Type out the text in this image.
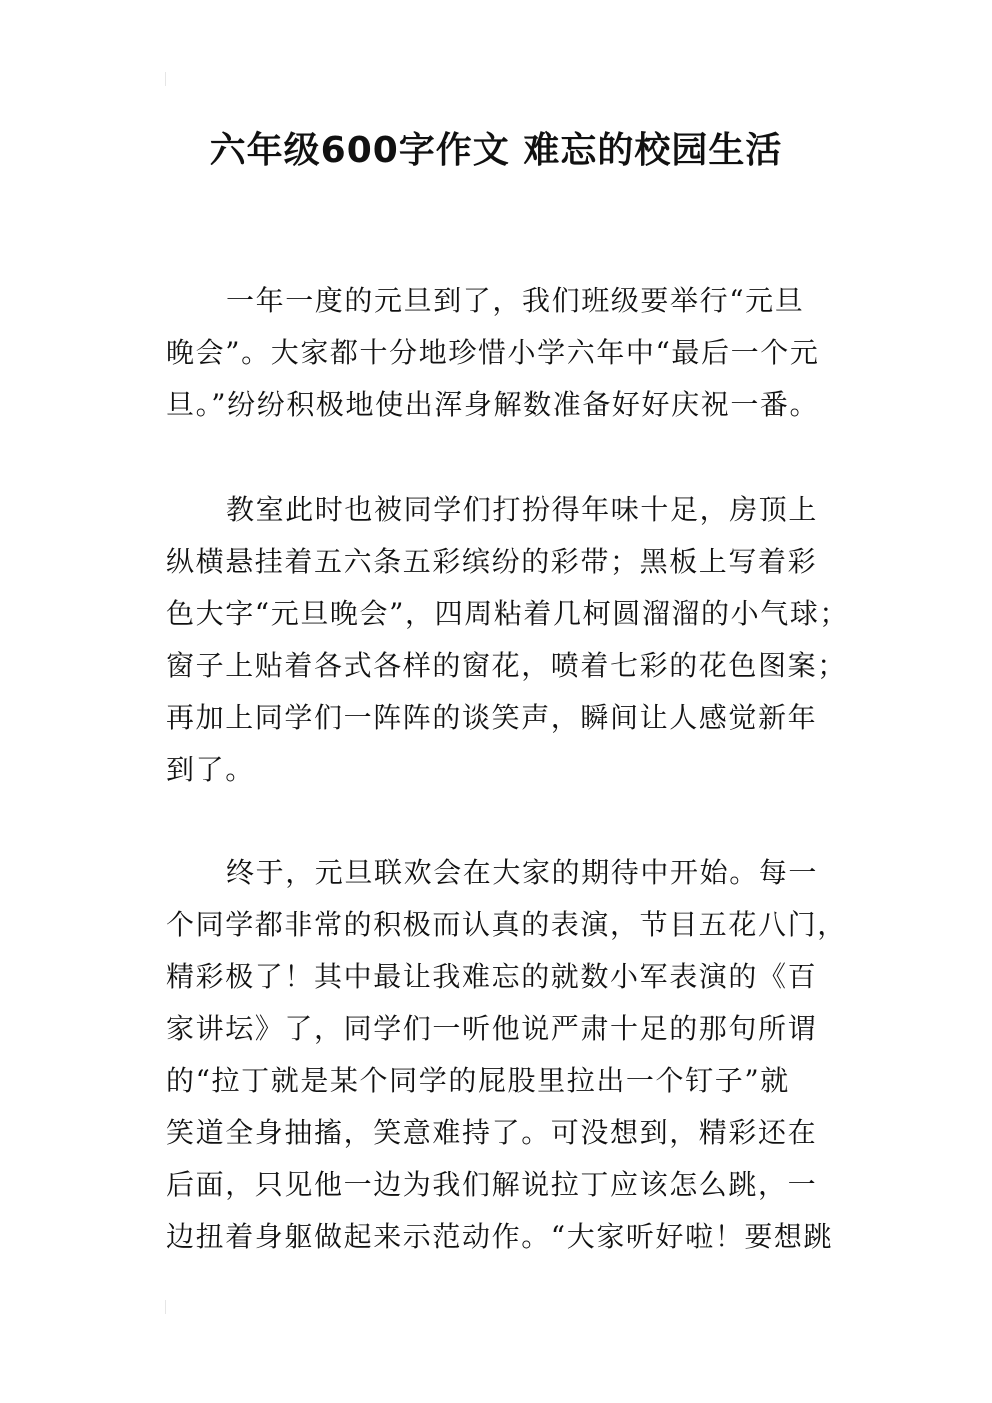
六年级600字作文 难忘的校园生活
一年一度的元旦到了，我们班级要举行“元旦
晚会”。大家都十分地珍惜小学六年中“最后一个元
旦。”纷纷积极地使出浑身解数准备好好庆祝一番。
教室此时也被同学们打扮得年味十足，房顶上
纵横悬挂着五六条五彩缤纷的彩带；黑板上写着彩
色大字“元旦晚会”，四周粘着几柯圆溜溜的小气球；
窗子上贴着各式各样的窗花，喷着七彩的花色图案；
再加上同学们一阵阵的谈笑声，瞬间让人感觉新年
到了。
终于，元旦联欢会在大家的期待中开始。每一
个同学都非常的积极而认真的表演，节目五花八门，
精彩极了！其中最让我难忘的就数小军表演的《百
家讲坛》了，同学们一听他说严肃十足的那句所谓
的“拉丁就是某个同学的屁股里拉出一个钉子”就
笑道全身抽搐，笑意难持了。可没想到，精彩还在
后面，只见他一边为我们解说拉丁应该怎么跳，一
边扭着身躯做起来示范动作。“大家听好啦！要想跳
